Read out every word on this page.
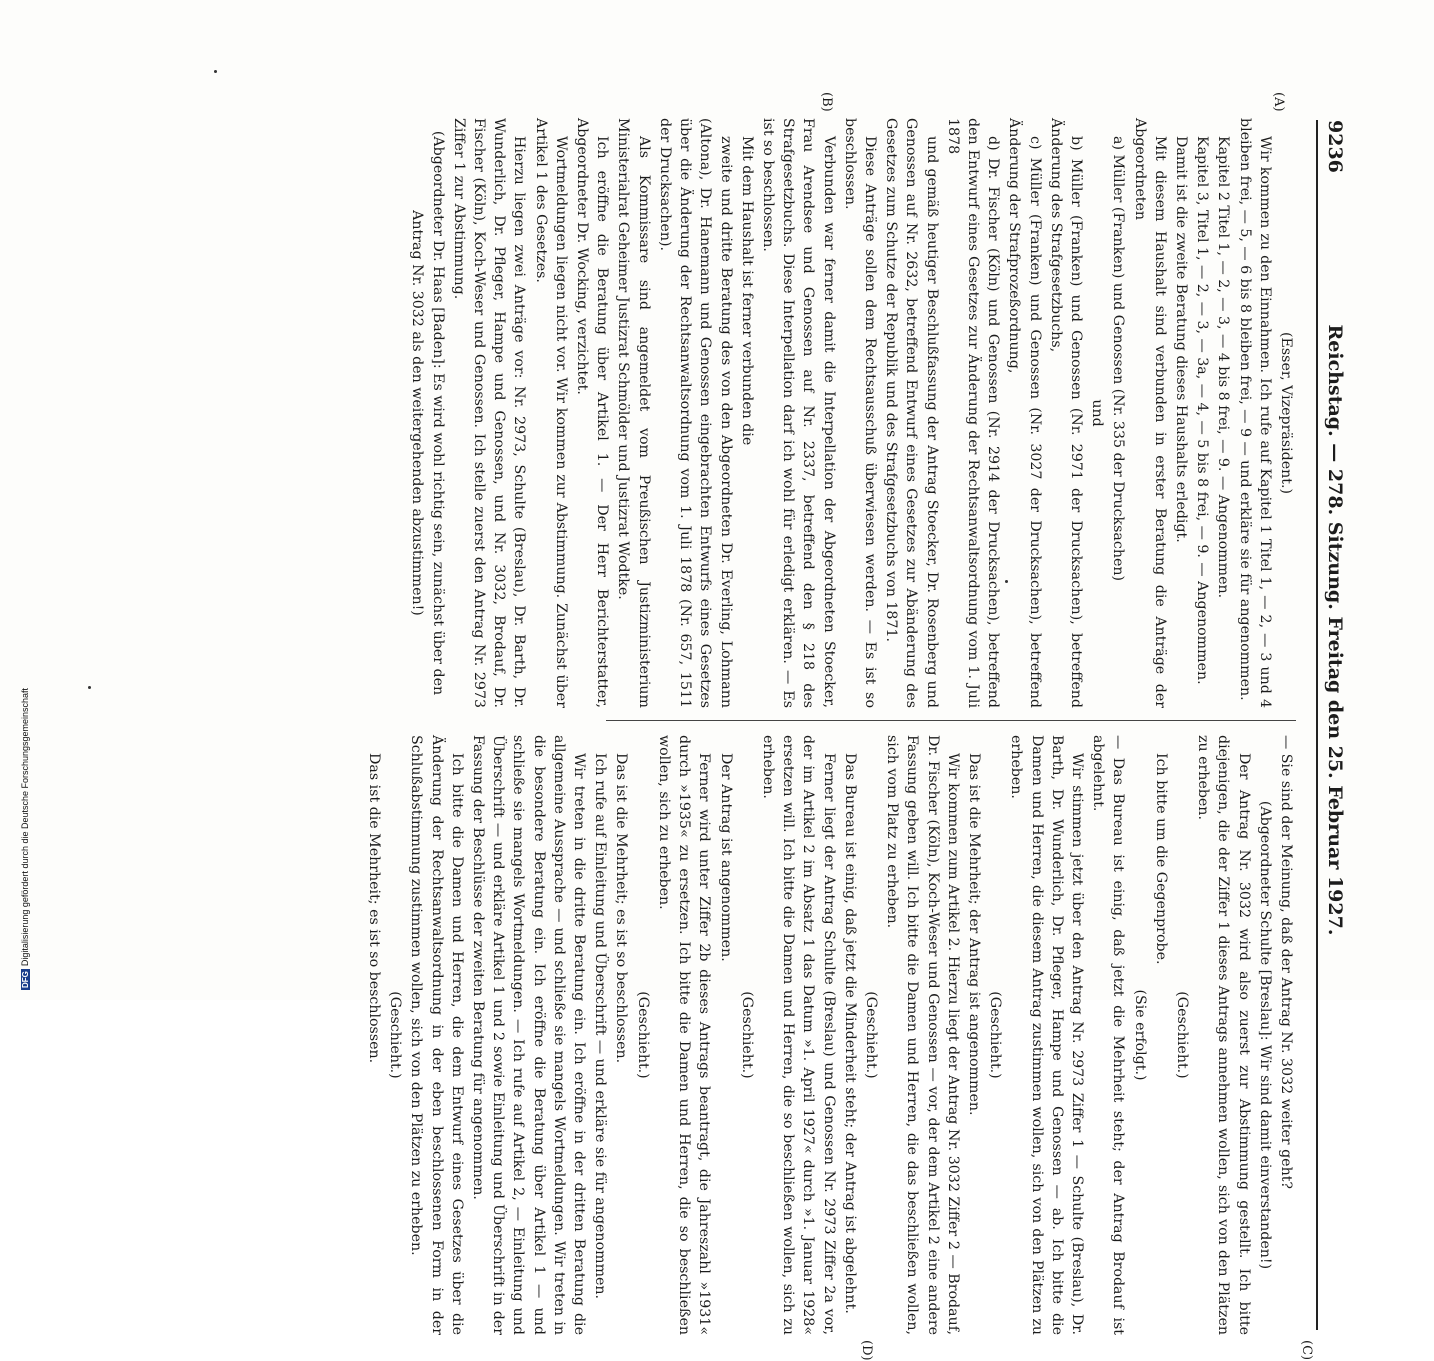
DFGDigitalisierung gefördert durch die Deutsche Forschungsgemeinschaft
9236
Reichstag. — 278. Sitzung. Freitag den 25. Februar 1927.
(A)
(B)
(C)
(D)

(Esser, Vizepräsident.)

Wir kommen zu den Einnahmen. Ich rufe auf Kapitel 1 Titel 1, — 2, — 3 und 4 bleiben frei, — 5, — 6 bis 8 bleiben frei, — 9 — und erkläre sie für angenommen.

Kapitel 2 Titel 1, — 2, — 3, — 4 bis 8 frei, — 9. — Angenommen.

Kapitel 3, Titel 1, — 2, — 3, — 3a, — 4, — 5 bis 8 frei, — 9. — Angenommen.

Damit ist die zweite Beratung dieses Haushalts erledigt.

Mit diesem Haushalt sind verbunden in erster Beratung die Anträge der Abgeordneten

a) Müller (Franken) und Genossen (Nr. 335 der Drucksachen)

und

b) Müller (Franken) und Genossen (Nr. 2971 der Drucksachen), betreffend Änderung des Strafgesetzbuchs,

c) Müller (Franken) und Genossen (Nr. 3027 der Drucksachen), betreffend Änderung der Strafprozeßordnung,

d) Dr. Fischer (Köln) und Genossen (Nr. 2914 der Drucksachen), betreffend den Entwurf eines Gesetzes zur Änderung der Rechtsanwaltsordnung vom 1. Juli 1878

und gemäß heutiger Beschlußfassung der Antrag Stoecker, Dr. Rosenberg und Genossen auf Nr. 2632, betreffend Entwurf eines Gesetzes zur Abänderung des Gesetzes zum Schutze der Republik und des Strafgesetzbuchs von 1871.

Diese Anträge sollen dem Rechtsausschuß überwiesen werden. — Es ist so beschlossen.

Verbunden war ferner damit die Interpellation der Abgeordneten Stoecker, Frau Arendsee und Genossen auf Nr. 2337, betreffend den § 218 des Strafgesetzbuchs. Diese Interpellation darf ich wohl für erledigt erklären. — Es ist so beschlossen.

Mit dem Haushalt ist ferner verbunden die

zweite und dritte Beratung des von den Abgeordneten Dr. Everling, Lohmann (Altona), Dr. Hanemann und Genossen eingebrachten Entwurfs eines Gesetzes über die Änderung der Rechtsanwaltsordnung vom 1. Juli 1878 (Nr. 657, 1511 der Drucksachen).

Als Kommissare sind angemeldet vom Preußischen Justizministerium Ministerialrat Geheimer Justizrat Schmölder und Justizrat Wodtke.

Ich eröffne die Beratung über Artikel 1. — Der Herr Berichterstatter, Abgeordneter Dr. Wocking, verzichtet.

Wortmeldungen liegen nicht vor. Wir kommen zur Abstimmung. Zunächst über Artikel 1 des Gesetzes.

Hierzu liegen zwei Anträge vor: Nr. 2973, Schulte (Breslau), Dr. Barth, Dr. Wunderlich, Dr. Pfleger, Hampe und Genossen, und Nr. 3032, Brodauf, Dr. Fischer (Köln), Koch-Weser und Genossen. Ich stelle zuerst den Antrag Nr. 2973 Ziffer 1 zur Abstimmung.

(Abgeordneter Dr. Haas [Baden]: Es wird wohl richtig sein, zunächst über den Antrag Nr. 3032 als den weitergehenden abzustimmen!)

— Sie sind der Meinung, daß der Antrag Nr. 3032 weiter geht?

(Abgeordneter Schulte [Breslau]: Wir sind damit einverstanden!)

Der Antrag Nr. 3032 wird also zuerst zur Abstimmung gestellt. Ich bitte diejenigen, die der Ziffer 1 dieses Antrags annehmen wollen, sich von den Plätzen zu erheben.

(Geschieht.)

Ich bitte um die Gegenprobe.

(Sie erfolgt.)

— Das Bureau ist einig, daß jetzt die Mehrheit steht; der Antrag Brodauf ist abgelehnt.

Wir stimmen jetzt über den Antrag Nr. 2973 Ziffer 1 — Schulte (Breslau), Dr. Barth, Dr. Wunderlich, Dr. Pfleger, Hampe und Genossen — ab. Ich bitte die Damen und Herren, die diesem Antrag zustimmen wollen, sich von den Plätzen zu erheben.

(Geschieht.)

Das ist die Mehrheit; der Antrag ist angenommen.

Wir kommen zum Artikel 2. Hierzu liegt der Antrag Nr. 3032 Ziffer 2 — Brodauf, Dr. Fischer (Köln), Koch-Weser und Genossen — vor, der dem Artikel 2 eine andere Fassung geben will. Ich bitte die Damen und Herren, die das beschließen wollen, sich vom Platz zu erheben.

(Geschieht.)

Das Bureau ist einig, daß jetzt die Minderheit steht; der Antrag ist abgelehnt.

Ferner liegt der Antrag Schulte (Breslau) und Genossen Nr. 2973 Ziffer 2a vor, der im Artikel 2 im Absatz 1 das Datum »1. April 1927« durch »1. Januar 1928« ersetzen will. Ich bitte die Damen und Herren, die so beschließen wollen, sich zu erheben.

(Geschieht.)

Der Antrag ist angenommen.

Ferner wird unter Ziffer 2b dieses Antrags beantragt, die Jahreszahl »1931« durch »1935« zu ersetzen. Ich bitte die Damen und Herren, die so beschließen wollen, sich zu erheben.

(Geschieht.)

Das ist die Mehrheit; es ist so beschlossen.

Ich rufe auf Einleitung und Überschrift — und erkläre sie für angenommen.

Wir treten in die dritte Beratung ein. Ich eröffne in der dritten Beratung die allgemeine Aussprache — und schließe sie mangels Wortmeldungen. Wir treten in die besondere Beratung ein. Ich eröffne die Beratung über Artikel 1 — und schließe sie mangels Wortmeldungen. — Ich rufe auf Artikel 2, — Einleitung und Überschrift — und erkläre Artikel 1 und 2 sowie Einleitung und Überschrift in der Fassung der Beschlüsse der zweiten Beratung für angenommen.

Ich bitte die Damen und Herren, die dem Entwurf eines Gesetzes über die Änderung der Rechtsanwaltsordnung in der eben beschlossenen Form in der Schlußabstimmung zustimmen wollen, sich von den Plätzen zu erheben.

(Geschieht.)

Das ist die Mehrheit; es ist so beschlossen.
